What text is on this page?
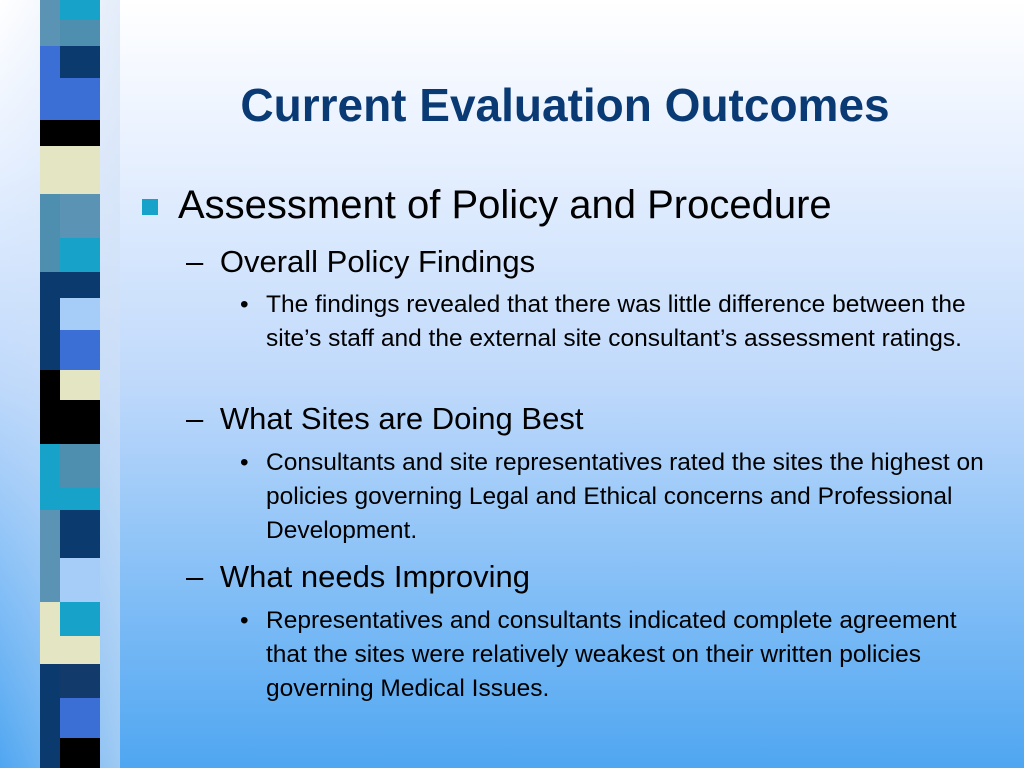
Current Evaluation Outcomes
Assessment of Policy and Procedure
– Overall Policy Findings
• The findings revealed that there was little difference between the site’s staff and the external site consultant’s assessment ratings.
– What Sites are Doing Best
• Consultants and site representatives rated the sites the highest on policies governing Legal and Ethical concerns and Professional Development.
– What needs Improving
• Representatives and consultants indicated complete agreement that the sites were relatively weakest on their written policies governing Medical Issues.
